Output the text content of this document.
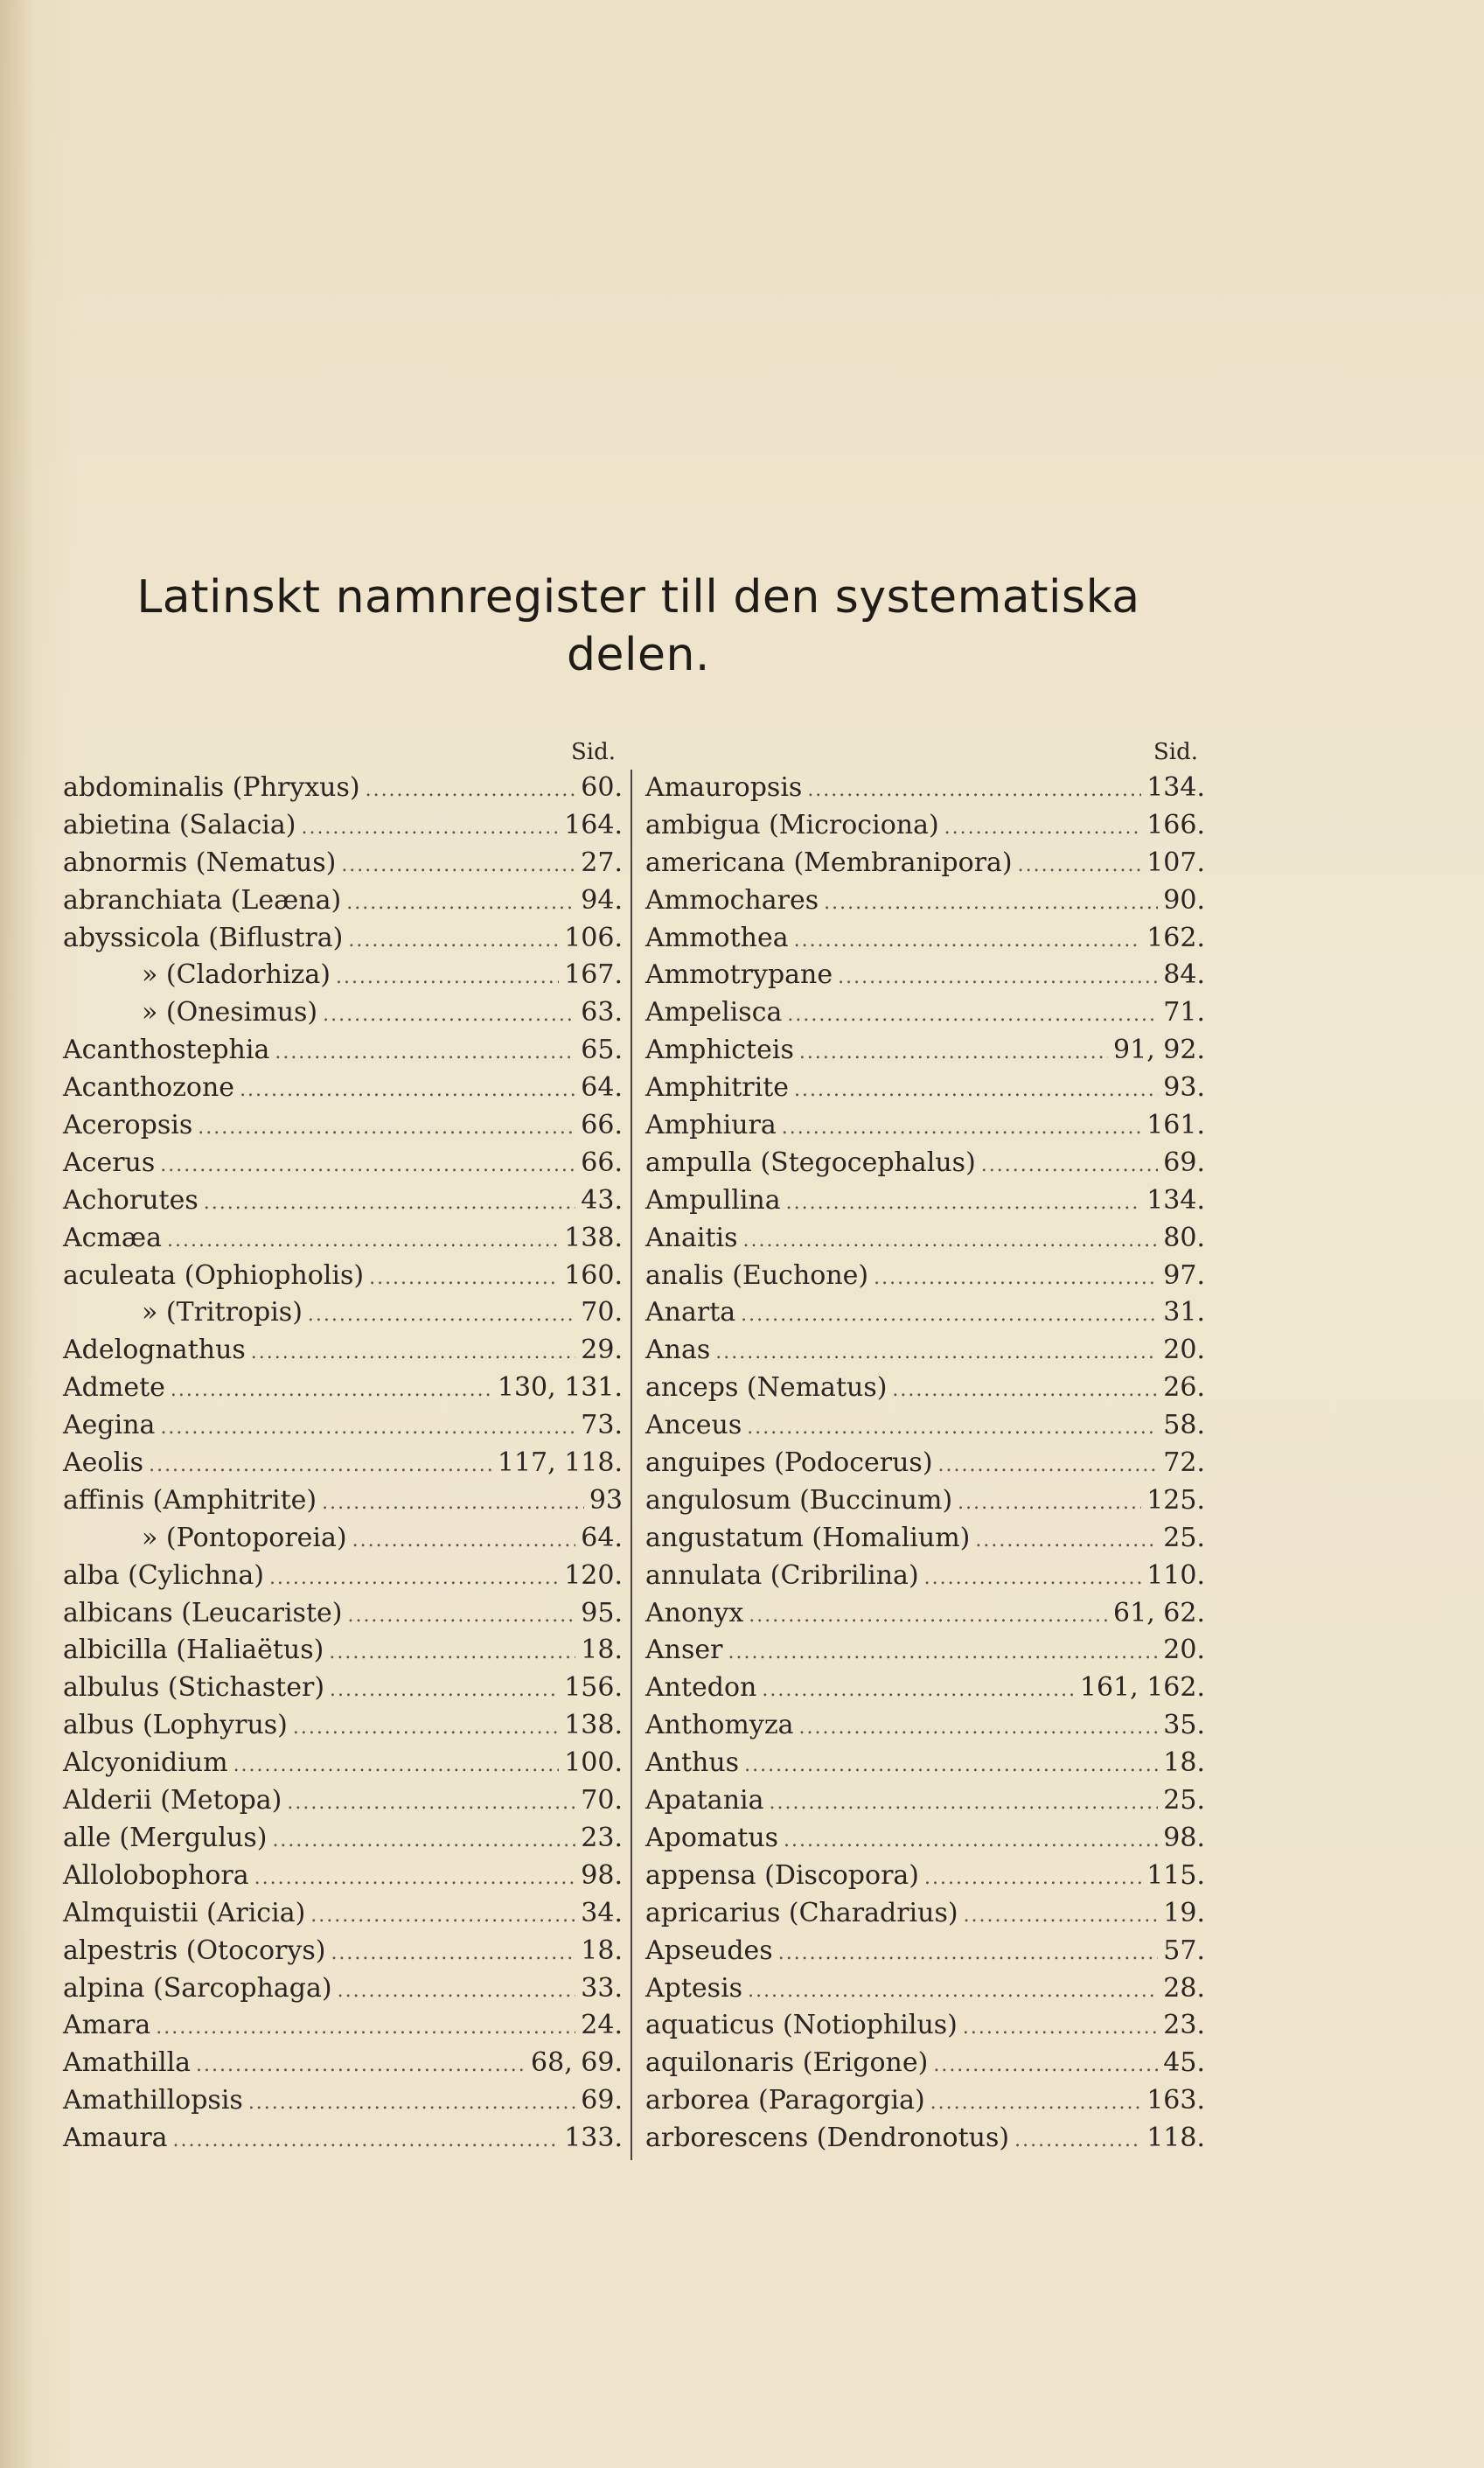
Latinskt namnregister till den systematiska
delen.
Sid.
abdominalis (Phryxus) .....	60.
abietina (Salacia) .....	164.
abnormis (Nematus) .....	27.
abranchiata (Leæna) .....	94.
abyssicola (Biflustra) .....	106.
» (Cladorhiza) .....	167.
» (Onesimus) .....	63.
Acanthostephia .....	65.
Acanthozone .....	64.
Aceropsis .....	66.
Acerus .....	66.
Achorutes .....	43.
Acmæa .....	138.
aculeata (Ophiopholis) .....	160.
» (Tritropis) .....	70.
Adelognathus .....	29.
Admete .....	130, 131.
Aegina .....	73.
Aeolis .....	117, 118.
affinis (Amphitrite) .....	93
» (Pontoporeia) .....	64.
alba (Cylichna) .....	120.
albicans (Leucariste) .....	95.
albicilla (Haliaëtus) .....	18.
albulus (Stichaster) .....	156.
albus (Lophyrus) .....	138.
Alcyonidium .....	100.
Alderii (Metopa) .....	70.
alle (Mergulus) .....	23.
Allolobophora .....	98.
Almquistii (Aricia) .....	34.
alpestris (Otocorys) .....	18.
alpina (Sarcophaga) .....	33.
Amara .....	24.
Amathilla .....	68, 69.
Amathillopsis .....	69.
Amaura .....	133.
Sid.
Amauropsis .....	134.
ambigua (Microciona) .....	166.
americana (Membranipora) .....	107.
Ammochares .....	90.
Ammothea .....	162.
Ammotrypane .....	84.
Ampelisca .....	71.
Amphicteis .....	91, 92.
Amphitrite .....	93.
Amphiura .....	161.
ampulla (Stegocephalus) .....	69.
Ampullina .....	134.
Anaitis .....	80.
analis (Euchone) .....	97.
Anarta .....	31.
Anas .....	20.
anceps (Nematus) .....	26.
Anceus .....	58.
anguipes (Podocerus) .....	72.
angulosum (Buccinum) .....	125.
angustatum (Homalium) .....	25.
annulata (Cribrilina) .....	110.
Anonyx .....	61, 62.
Anser .....	20.
Antedon .....	161, 162.
Anthomyza .....	35.
Anthus .....	18.
Apatania .....	25.
Apomatus .....	98.
appensa (Discopora) .....	115.
apricarius (Charadrius) .....	19.
Apseudes .....	57.
Aptesis .....	28.
aquaticus (Notiophilus) .....	23.
aquilonaris (Erigone) .....	45.
arborea (Paragorgia) .....	163.
arborescens (Dendronotus) .....	118.
